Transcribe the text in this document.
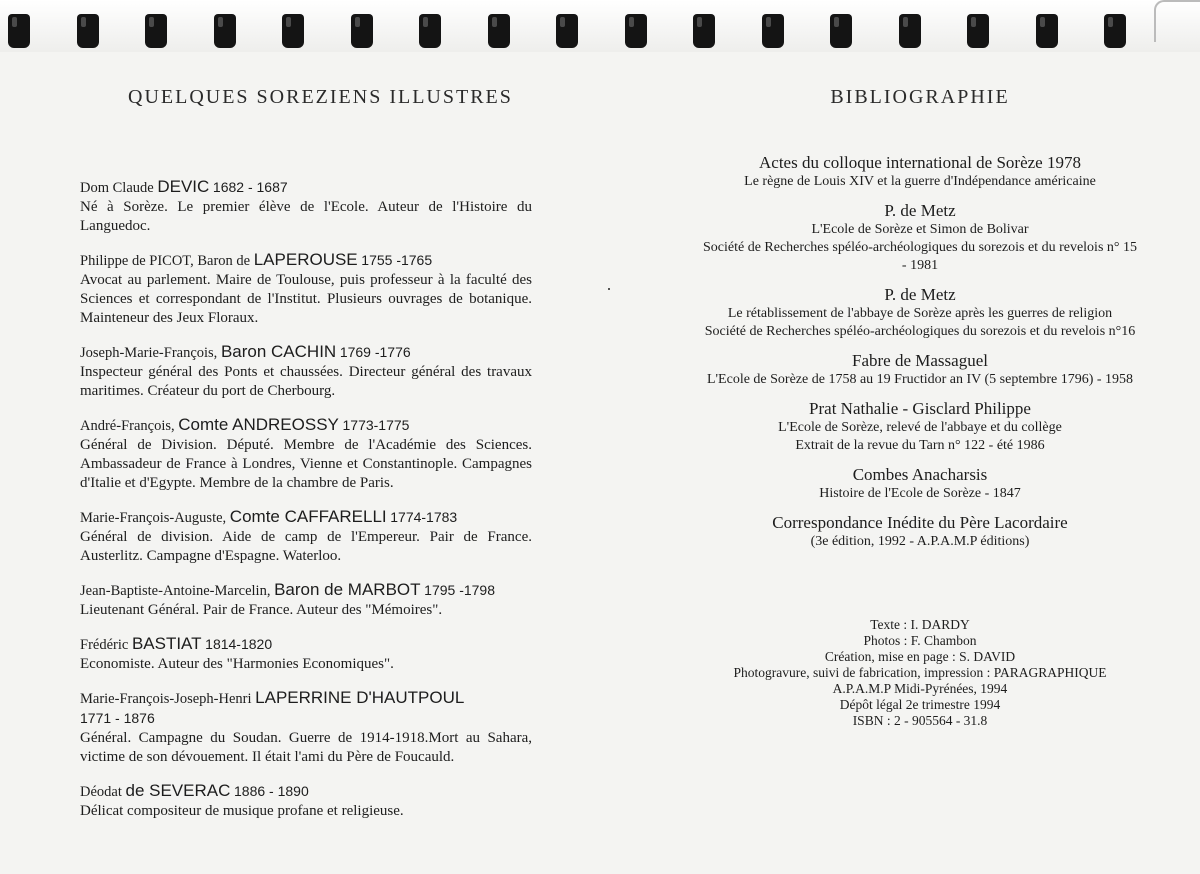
QUELQUES SOREZIENS ILLUSTRES
Dom Claude DEVIC 1682 - 1687
Né à Sorèze. Le premier élève de l'Ecole. Auteur de l'Histoire du Languedoc.
Philippe de PICOT, Baron de LAPEROUSE 1755 -1765
Avocat au parlement. Maire de Toulouse, puis professeur à la faculté des Sciences et correspondant de l'Institut. Plusieurs ouvrages de botanique. Mainteneur des Jeux Floraux.
Joseph-Marie-François, Baron CACHIN 1769 -1776
Inspecteur général des Ponts et chaussées. Directeur général des travaux maritimes. Créateur du port de Cherbourg.
André-François, Comte ANDREOSSY 1773-1775
Général de Division. Député. Membre de l'Académie des Sciences. Ambassadeur de France à Londres, Vienne et Constantinople. Campagnes d'Italie et d'Egypte. Membre de la chambre de Paris.
Marie-François-Auguste, Comte CAFFARELLI 1774-1783
Général de division. Aide de camp de l'Empereur. Pair de France. Austerlitz. Campagne d'Espagne. Waterloo.
Jean-Baptiste-Antoine-Marcelin, Baron de MARBOT 1795 -1798
Lieutenant Général. Pair de France. Auteur des "Mémoires".
Frédéric BASTIAT 1814-1820
Economiste. Auteur des "Harmonies Economiques".
Marie-François-Joseph-Henri LAPERRINE D'HAUTPOUL
1771 - 1876
Général. Campagne du Soudan. Guerre de 1914-1918.Mort au Sahara, victime de son dévouement. Il était l'ami du Père de Foucauld.
Déodat de SEVERAC 1886 - 1890
Délicat compositeur de musique profane et religieuse.
BIBLIOGRAPHIE
Actes du colloque international de Sorèze 1978
Le règne de Louis XIV et la guerre d'Indépendance américaine
P. de Metz
L'Ecole de Sorèze et Simon de Bolivar
Société de Recherches spéléo-archéologiques du sorezois et du revelois n° 15 - 1981
P. de Metz
Le rétablissement de l'abbaye de Sorèze après les guerres de religion
Société de Recherches spéléo-archéologiques du sorezois et du revelois n°16
Fabre de Massaguel
L'Ecole de Sorèze de 1758 au 19 Fructidor an IV (5 septembre 1796) - 1958
Prat Nathalie - Gisclard Philippe
L'Ecole de Sorèze, relevé de l'abbaye et du collège
Extrait de la revue du Tarn n° 122 - été 1986
Combes Anacharsis
Histoire de l'Ecole de Sorèze - 1847
Correspondance Inédite du Père Lacordaire
(3e édition, 1992 - A.P.A.M.P éditions)
Texte : I. DARDY
Photos : F. Chambon
Création, mise en page : S. DAVID
Photogravure, suivi de fabrication, impression : PARAGRAPHIQUE
A.P.A.M.P Midi-Pyrénées, 1994
Dépôt légal 2e trimestre 1994
ISBN : 2 - 905564 - 31.8
